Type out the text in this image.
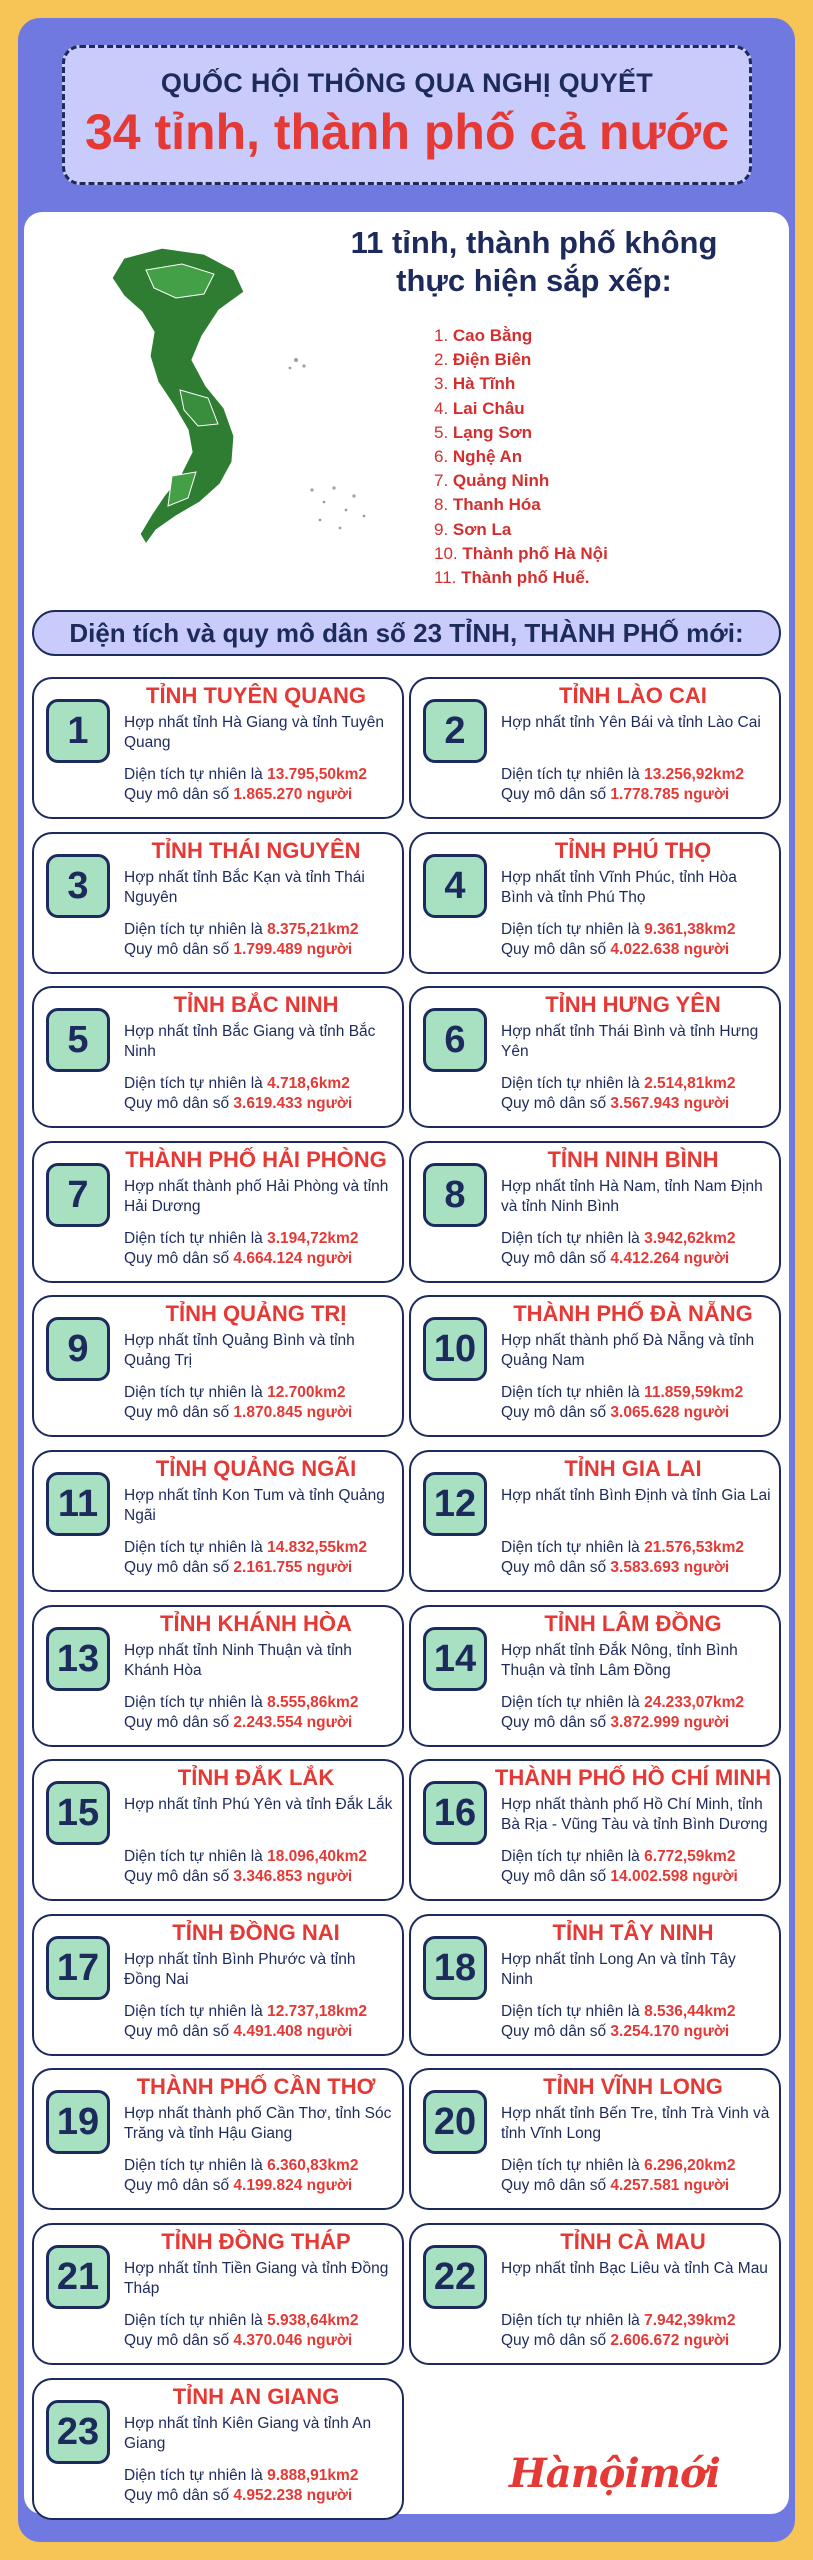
QUỐC HỘI THÔNG QUA NGHỊ QUYẾT
34 tỉnh, thành phố cả nước
11 tỉnh, thành phố không thực hiện sắp xếp:
1. Cao Bằng
2. Điện Biên
3. Hà Tĩnh
4. Lai Châu
5. Lạng Sơn
6. Nghệ An
7. Quảng Ninh
8. Thanh Hóa
9. Sơn La
10. Thành phố Hà Nội
11. Thành phố Huế.
Diện tích và quy mô dân số 23 TỈNH, THÀNH PHỐ mới:
1
TỈNH TUYÊN QUANG
Hợp nhất tỉnh Hà Giang và tỉnh Tuyên Quang
Diện tích tự nhiên là 13.795,50km2
Quy mô dân số 1.865.270 người
2
TỈNH LÀO CAI
Hợp nhất tỉnh Yên Bái và tỉnh Lào Cai
Diện tích tự nhiên là 13.256,92km2
Quy mô dân số 1.778.785 người
3
TỈNH THÁI NGUYÊN
Hợp nhất tỉnh Bắc Kạn và tỉnh Thái Nguyên
Diện tích tự nhiên là 8.375,21km2
Quy mô dân số 1.799.489 người
4
TỈNH PHÚ THỌ
Hợp nhất tỉnh Vĩnh Phúc, tỉnh Hòa Bình và tỉnh Phú Thọ
Diện tích tự nhiên là 9.361,38km2
Quy mô dân số 4.022.638 người
5
TỈNH BẮC NINH
Hợp nhất tỉnh Bắc Giang và tỉnh Bắc Ninh
Diện tích tự nhiên là 4.718,6km2
Quy mô dân số 3.619.433 người
6
TỈNH HƯNG YÊN
Hợp nhất tỉnh Thái Bình và tỉnh Hưng Yên
Diện tích tự nhiên là 2.514,81km2
Quy mô dân số 3.567.943 người
7
THÀNH PHỐ HẢI PHÒNG
Hợp nhất thành phố Hải Phòng và tỉnh Hải Dương
Diện tích tự nhiên là 3.194,72km2
Quy mô dân số 4.664.124 người
8
TỈNH NINH BÌNH
Hợp nhất tỉnh Hà Nam, tỉnh Nam Định và tỉnh Ninh Bình
Diện tích tự nhiên là 3.942,62km2
Quy mô dân số 4.412.264 người
9
TỈNH QUẢNG TRỊ
Hợp nhất tỉnh Quảng Bình và tỉnh Quảng Trị
Diện tích tự nhiên là 12.700km2
Quy mô dân số 1.870.845 người
10
THÀNH PHỐ ĐÀ NẴNG
Hợp nhất thành phố Đà Nẵng và tỉnh Quảng Nam
Diện tích tự nhiên là 11.859,59km2
Quy mô dân số 3.065.628 người
11
TỈNH QUẢNG NGÃI
Hợp nhất tỉnh Kon Tum và tỉnh Quảng Ngãi
Diện tích tự nhiên là 14.832,55km2
Quy mô dân số 2.161.755 người
12
TỈNH GIA LAI
Hợp nhất tỉnh Bình Định và tỉnh Gia Lai
Diện tích tự nhiên là 21.576,53km2
Quy mô dân số 3.583.693 người
13
TỈNH KHÁNH HÒA
Hợp nhất tỉnh Ninh Thuận và tỉnh Khánh Hòa
Diện tích tự nhiên là 8.555,86km2
Quy mô dân số 2.243.554 người
14
TỈNH LÂM ĐỒNG
Hợp nhất tỉnh Đắk Nông, tỉnh Bình Thuận và tỉnh Lâm Đồng
Diện tích tự nhiên là 24.233,07km2
Quy mô dân số 3.872.999 người
15
TỈNH ĐẮK LẮK
Hợp nhất tỉnh Phú Yên và tỉnh Đắk Lắk
Diện tích tự nhiên là 18.096,40km2
Quy mô dân số 3.346.853 người
16
THÀNH PHỐ HỒ CHÍ MINH
Hợp nhất thành phố Hồ Chí Minh, tỉnh Bà Rịa - Vũng Tàu và tỉnh Bình Dương
Diện tích tự nhiên là 6.772,59km2
Quy mô dân số 14.002.598 người
17
TỈNH ĐỒNG NAI
Hợp nhất tỉnh Bình Phước và tỉnh Đồng Nai
Diện tích tự nhiên là 12.737,18km2
Quy mô dân số 4.491.408 người
18
TỈNH TÂY NINH
Hợp nhất tỉnh Long An và tỉnh Tây Ninh
Diện tích tự nhiên là 8.536,44km2
Quy mô dân số 3.254.170 người
19
THÀNH PHỐ CẦN THƠ
Hợp nhất thành phố Cần Thơ, tỉnh Sóc Trăng và tỉnh Hậu Giang
Diện tích tự nhiên là 6.360,83km2
Quy mô dân số 4.199.824 người
20
TỈNH VĨNH LONG
Hợp nhất tỉnh Bến Tre, tỉnh Trà Vinh và tỉnh Vĩnh Long
Diện tích tự nhiên là 6.296,20km2
Quy mô dân số 4.257.581 người
21
TỈNH ĐỒNG THÁP
Hợp nhất tỉnh Tiền Giang và tỉnh Đồng Tháp
Diện tích tự nhiên là 5.938,64km2
Quy mô dân số 4.370.046 người
22
TỈNH CÀ MAU
Hợp nhất tỉnh Bạc Liêu và tỉnh Cà Mau
Diện tích tự nhiên là 7.942,39km2
Quy mô dân số 2.606.672 người
23
TỈNH AN GIANG
Hợp nhất tỉnh Kiên Giang và tỉnh An Giang
Diện tích tự nhiên là 9.888,91km2
Quy mô dân số 4.952.238 người	Hànộimới
